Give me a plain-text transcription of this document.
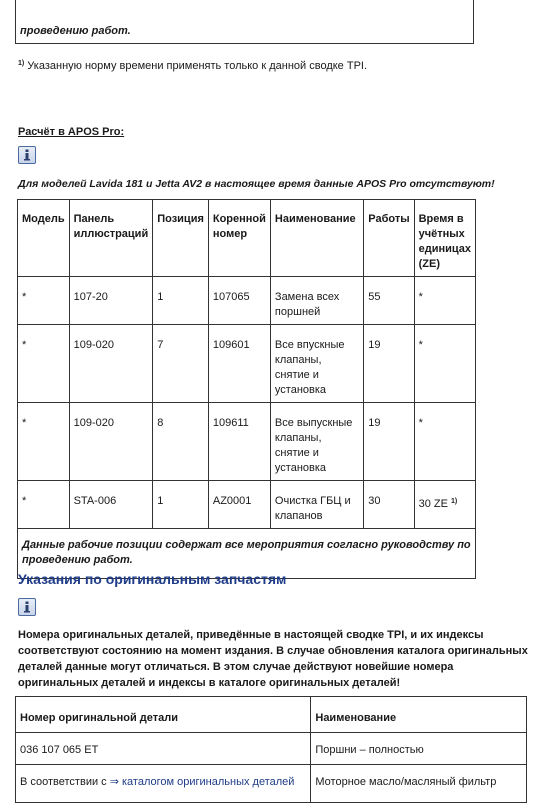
проведению работ.
$^{1)}$ Указанную норму времени применять только к данной сводке TPI.
Расчёт в APOS Pro:
Для моделей Lavida 181 и Jetta AV2 в настоящее время данные APOS Pro отсутствуют!
Модель	Панель иллюстраций	Позиция	Коренной номер	Наименование	Работы	Время в учётных единицах (ZE)
*	107-20	1	107065	Замена всех поршней	55	*
*	109-020	7	109601	Все впускные клапаны, снятие и установка	19	*
*	109-020	8	109611	Все выпускные клапаны, снятие и установка	19	*
*	STA-006	1	AZ0001	Очистка ГБЦ и клапанов	30	30 ZE $^{1)}$
Данные рабочие позиции содержат все мероприятия согласно руководству по проведению работ.						
Указания по оригинальным запчастям
Номера оригинальных деталей, приведённые в настоящей сводке TPI, и их индексы соответствуют состоянию на момент издания. В случае обновления каталога оригинальных деталей данные могут отличаться. В этом случае действуют новейшие номера оригинальных деталей и индексы в каталоге оригинальных деталей!
Номер оригинальной детали	Наименование
036 107 065 ET	Поршни – полностью
В соответствии с ⇒ каталогом оригинальных деталей	Моторное масло/масляный фильтр
